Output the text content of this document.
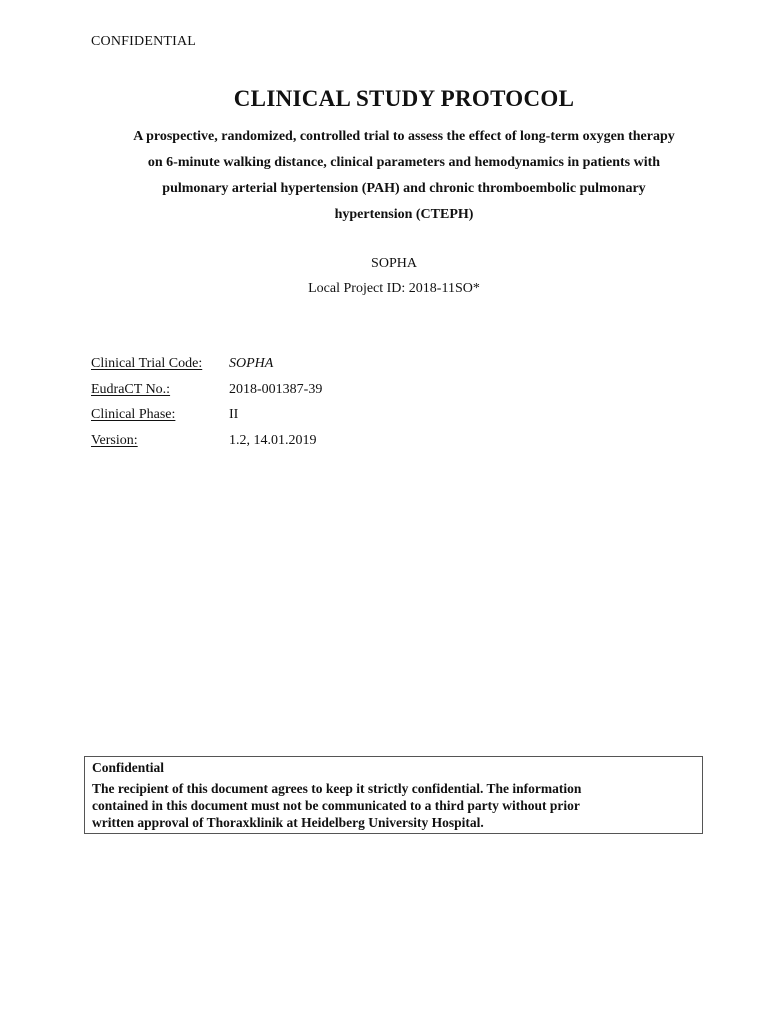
CONFIDENTIAL
CLINICAL STUDY PROTOCOL
A prospective, randomized, controlled trial to assess the effect of long-term oxygen therapy
on 6-minute walking distance, clinical parameters and hemodynamics in patients with
pulmonary arterial hypertension (PAH) and chronic thromboembolic pulmonary
hypertension (CTEPH)
SOPHA
Local Project ID: 2018-11SO*
Clinical Trial Code:	SOPHA
EudraCT No.:	2018-001387-39
Clinical Phase:	II
Version:	1.2, 14.01.2019
Confidential
The recipient of this document agrees to keep it strictly confidential. The information
contained in this document must not be communicated to a third party without prior
written approval of Thoraxklinik at Heidelberg University Hospital.
